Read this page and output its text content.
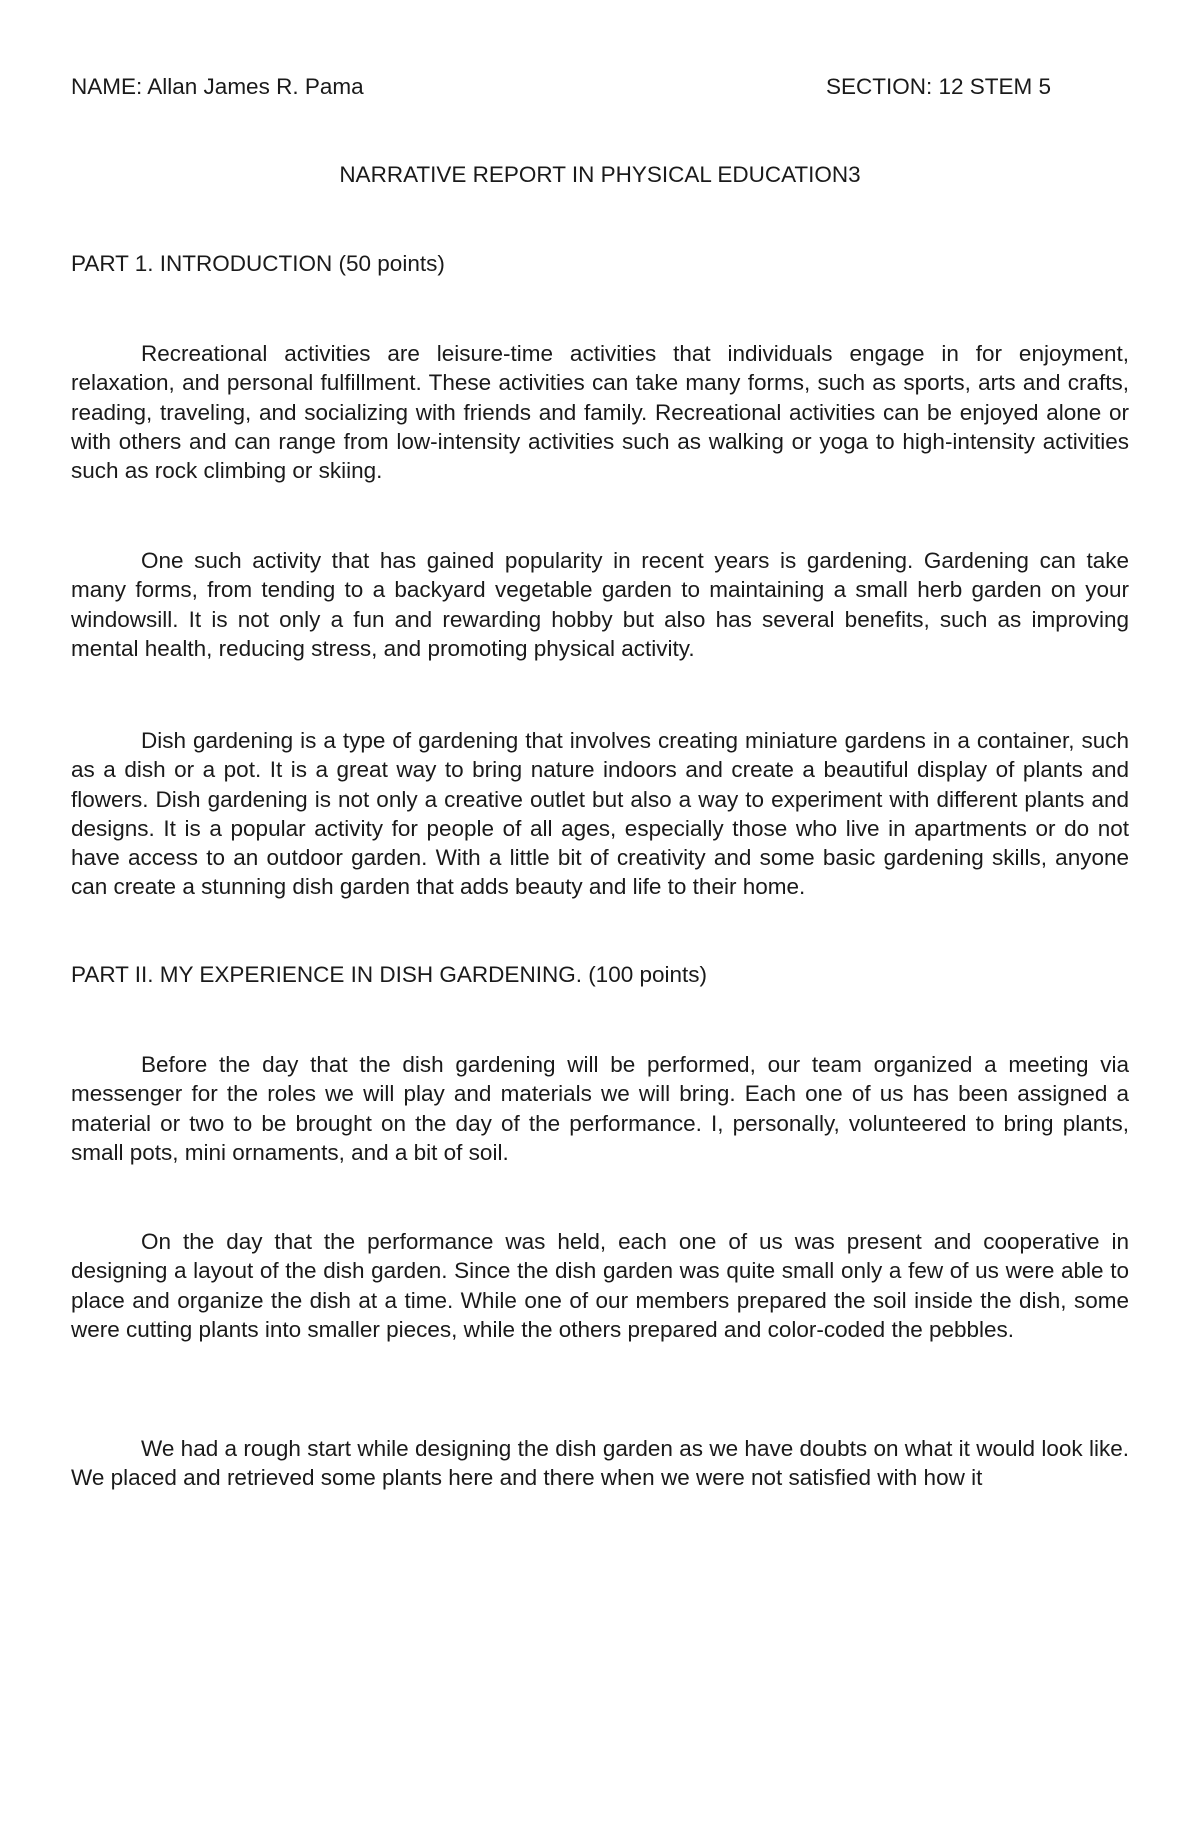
NAME: Allan James R. Pama	SECTION: 12 STEM 5
NARRATIVE REPORT IN PHYSICAL EDUCATION3
PART 1. INTRODUCTION (50 points)

Recreational activities are leisure-time activities that individuals engage in for enjoyment, relaxation, and personal fulfillment. These activities can take many forms, such as sports, arts and crafts, reading, traveling, and socializing with friends and family. Recreational activities can be enjoyed alone or with others and can range from low-intensity activities such as walking or yoga to high-intensity activities such as rock climbing or skiing.

One such activity that has gained popularity in recent years is gardening. Gardening can take many forms, from tending to a backyard vegetable garden to maintaining a small herb garden on your windowsill. It is not only a fun and rewarding hobby but also has several benefits, such as improving mental health, reducing stress, and promoting physical activity.

Dish gardening is a type of gardening that involves creating miniature gardens in a container, such as a dish or a pot. It is a great way to bring nature indoors and create a beautiful display of plants and flowers. Dish gardening is not only a creative outlet but also a way to experiment with different plants and designs. It is a popular activity for people of all ages, especially those who live in apartments or do not have access to an outdoor garden. With a little bit of creativity and some basic gardening skills, anyone can create a stunning dish garden that adds beauty and life to their home.

PART II. MY EXPERIENCE IN DISH GARDENING. (100 points)

Before the day that the dish gardening will be performed, our team organized a meeting via messenger for the roles we will play and materials we will bring. Each one of us has been assigned a material or two to be brought on the day of the performance. I, personally, volunteered to bring plants, small pots, mini ornaments, and a bit of soil.

On the day that the performance was held, each one of us was present and cooperative in designing a layout of the dish garden. Since the dish garden was quite small only a few of us were able to place and organize the dish at a time. While one of our members prepared the soil inside the dish, some were cutting plants into smaller pieces, while the others prepared and color-coded the pebbles.

We had a rough start while designing the dish garden as we have doubts on what it would look like. We placed and retrieved some plants here and there when we were not satisfied with how it
